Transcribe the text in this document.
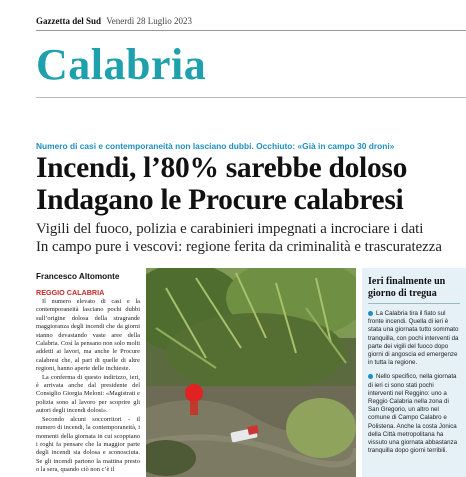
Gazzetta del Sud Venerdì 28 Luglio 2023
Calabria
Numero di casi e contemporaneità non lasciano dubbi. Occhiuto: «Già in campo 30 droni»
Incendi, l’80% sarebbe doloso
Indagano le Procure calabresi
Vigili del fuoco, polizia e carabinieri impegnati a incrociare i dati
In campo pure i vescovi: regione ferita da criminalità e trascuratezza
Francesco Altomonte
REGGIO CALABRIA

Il numero elevato di casi e la contemporaneità lasciano pochi dubbi sull’origine dolosa della stragrande maggioranza degli incendi che da giorni stanno devastando vaste aree della Calabria. Così la pensano non solo molti addetti ai lavori, ma anche le Procure calabresi che, al pari di quelle di altre regioni, hanno aperte delle inchieste.

La conferma di questo indirizzo, ieri, è arrivata anche dal presidente del Consiglio Giorgia Meloni: «Magistrati e polizia sono al lavoro per scoprire gli autori degli incendi dolosi».

Secondo alcuni soccorritori - il numero di incendi, la contemporaneità, i momenti della giornata in cui scoppiano i roghi fa pensare che la maggior parte degli incendi sia dolosa e sconosciuta. Se gli incendi partono la mattina presto o la sera, quando ciò non c’è il

Ieri finalmente un giorno di tregua

La Calabria tira il fiato sul fronte incendi. Quella di ieri è stata una giornata tutto sommato tranquilla, con pochi interventi da parte dei vigili del fuoco dopo giorni di angoscia ed emergenze in tutta la regione.

Nello specifico, nella giornata di ieri ci sono stati pochi interventi nel Reggino: uno a Reggio Calabria nella zona di San Gregorio, un altro nel comune di Campo Calabro e Polistena. Anche la costa Jonica della Città metropolitana ha vissuto una giornata abbastanza tranquilla dopo giorni terribili.
